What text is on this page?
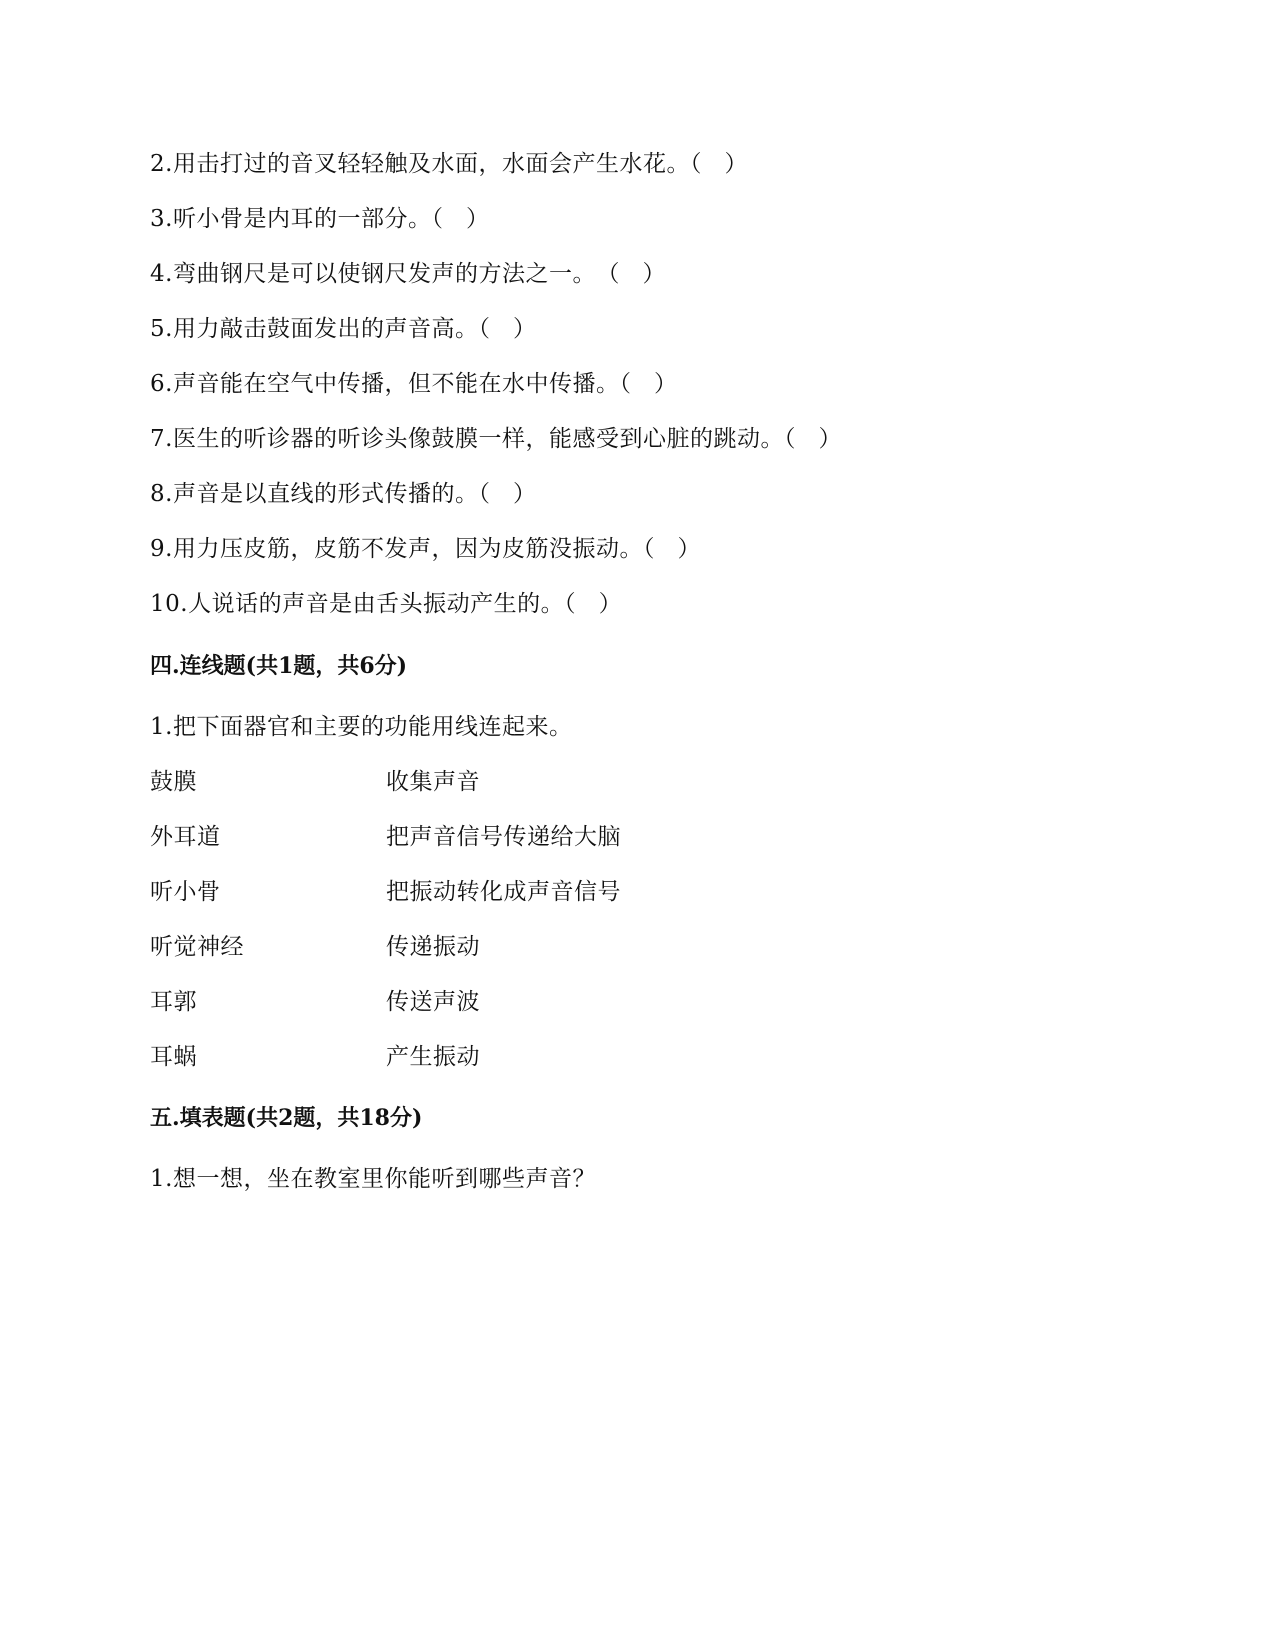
2.用击打过的音叉轻轻触及水面，水面会产生水花。（　）
3.听小骨是内耳的一部分。（　）
4.弯曲钢尺是可以使钢尺发声的方法之一。　（　）
5.用力敲击鼓面发出的声音高。（　）
6.声音能在空气中传播，但不能在水中传播。（　）
7.医生的听诊器的听诊头像鼓膜一样，能感受到心脏的跳动。（　）
8.声音是以直线的形式传播的。（　）
9.用力压皮筋，皮筋不发声，因为皮筋没振动。（　）
10.人说话的声音是由舌头振动产生的。（　）
四.连线题(共1题，共6分)
1.把下面器官和主要的功能用线连起来。
鼓膜	收集声音
外耳道	把声音信号传递给大脑
听小骨	把振动转化成声音信号
听觉神经	传递振动
耳郭	传送声波
耳蜗	产生振动
五.填表题(共2题，共18分)
1.想一想，坐在教室里你能听到哪些声音？
